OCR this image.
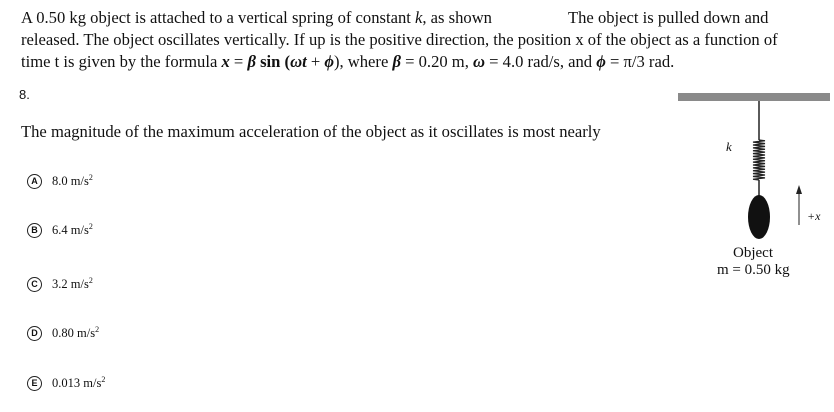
A 0.50 kg object is attached to a vertical spring of constant k, as shown	The object is pulled down and
released. The object oscillates vertically. If up is the positive direction, the position x of the object as a function of
time t is given by the formula x = β sin (ωt + ϕ), where β = 0.20 m, ω = 4.0 rad/s, and ϕ = π/3 rad.
8.
The magnitude of the maximum acceleration of the object as it oscillates is most nearly
A	8.0 $m/s^2$
B	6.4 $m/s^2$
C	3.2 $m/s^2$
D	0.80 $m/s^2$
E	0.013 $m/s^2$
k
+x
Object
m = 0.50 kg
